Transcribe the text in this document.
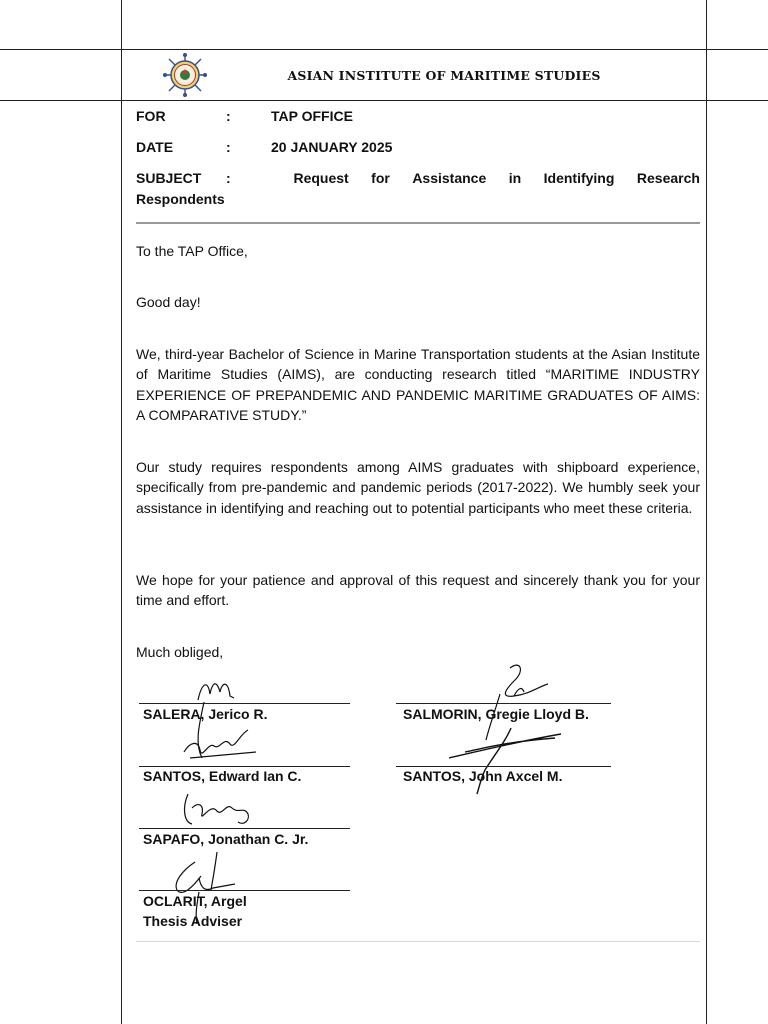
ASIAN INSTITUTE OF MARITIME STUDIES
FOR	:	TAP OFFICE
DATE	:	20 JANUARY 2025
SUBJECT	:	Request for Assistance in Identifying Research
Respondents

To the TAP Office,

Good day!

We, third-year Bachelor of Science in Marine Transportation students at the Asian Institute of Maritime Studies (AIMS), are conducting research titled “MARITIME INDUSTRY EXPERIENCE OF PREPANDEMIC AND PANDEMIC MARITIME GRADUATES OF AIMS: A COMPARATIVE STUDY.”

Our study requires respondents among AIMS graduates with shipboard experience, specifically from pre-pandemic and pandemic periods (2017-2022). We humbly seek your assistance in identifying and reaching out to potential participants who meet these criteria.

We hope for your patience and approval of this request and sincerely thank you for your time and effort.

Much obliged,

SALERA, Jerico R.	SALMORIN, Gregie Lloyd B.
SANTOS, Edward Ian C.	SANTOS, John Axcel M.
SAPAFO, Jonathan C. Jr.
OCLARIT, Argel
Thesis Adviser
